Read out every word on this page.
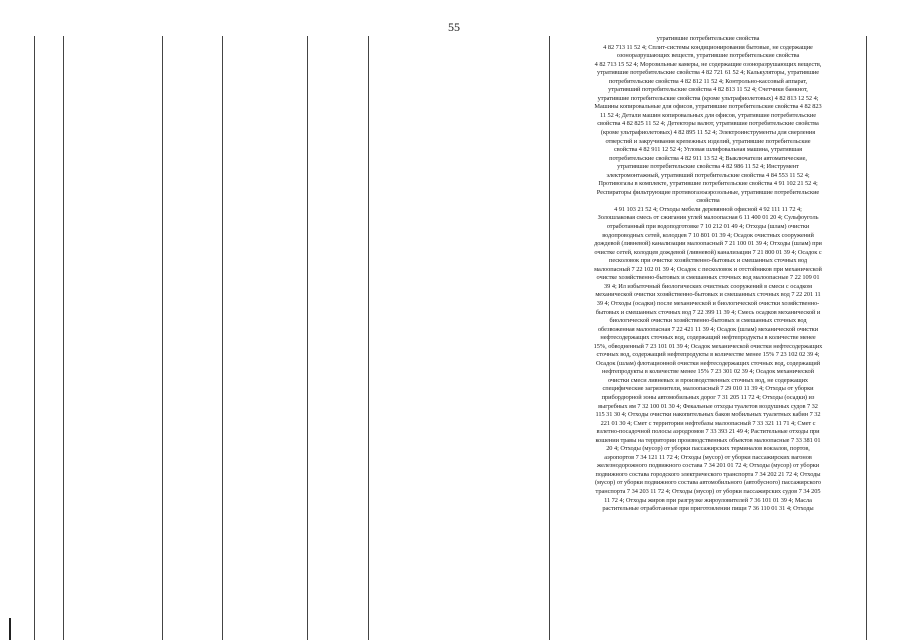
55
утратившие потребительские свойства
4 82 713 11 52 4; Сплит-системы кондиционирования бытовые, не содержащие
озоноразрушающих веществ, утратившие потребительские свойства
4 82 713 15 52 4; Морозильные камеры, не содержащие озоноразрушающих веществ,
утратившие потребительские свойства 4 82 721 61 52 4; Калькуляторы, утратившие
потребительские свойства 4 82 812 11 52 4; Контрольно-кассовый аппарат,
утративший потребительские свойства 4 82 813 11 52 4; Счетчики банкнот,
утратившие потребительские свойства (кроме ультрафиолетовых) 4 82 813 12 52 4;
Машины копировальные для офисов, утратившие потребительские свойства 4 82 823
11 52 4; Детали машин копировальных для офисов, утратившие потребительские
свойства 4 82 825 11 52 4; Детекторы валют, утратившие потребительские свойства
(кроме ультрафиолетовых) 4 82 895 11 52 4; Электроинструменты для сверления
отверстий и закручивания крепежных изделий, утратившие потребительские
свойства 4 82 911 12 52 4; Угловая шлифовальная машина, утратившая
потребительские свойства 4 82 911 13 52 4; Выключатели автоматические,
утратившие потребительские свойства 4 82 986 11 52 4; Инструмент
электромонтажный, утративший потребительские свойства 4 84 553 11 52 4;
Противогазы в комплекте, утратившие потребительские свойства 4 91 102 21 52 4;
Респираторы фильтрующие противогазоаэрозольные, утратившие потребительские
свойства
4 91 103 21 52 4; Отходы мебели деревянной офисной 4 92 111 11 72 4;
Золошлаковая смесь от сжигания углей малоопасная 6 11 400 01 20 4; Сульфоуголь
отработанный при водоподготовке 7 10 212 01 49 4; Отходы (шлам) очистки
водопроводных сетей, колодцев 7 10 801 01 39 4; Осадок очистных сооружений
дождевой (ливневой) канализации малоопасный 7 21 100 01 39 4; Отходы (шлам) при
очистке сетей, колодцев дождевой (ливневой) канализации 7 21 800 01 39 4; Осадок с
песколовок при очистке хозяйственно-бытовых и смешанных сточных вод
малоопасный 7 22 102 01 39 4; Осадок с песколовок и отстойников при механической
очистке хозяйственно-бытовых и смешанных сточных вод малоопасные 7 22 109 01
39 4; Ил избыточный биологических очистных сооружений в смеси с осадком
механической очистки хозяйственно-бытовых и смешанных сточных вод 7 22 201 11
39 4; Отходы (осадки) после механической и биологической очистки хозяйственно-
бытовых и смешанных сточных вод 7 22 399 11 39 4; Смесь осадков механической и
биологической очистки хозяйственно-бытовых и смешанных сточных вод
обезвоженная малоопасная 7 22 421 11 39 4; Осадок (шлам) механической очистки
нефтесодержащих сточных вод, содержащий нефтепродукты в количестве менее
15%, обводненный 7 23 101 01 39 4; Осадок механической очистки нефтесодержащих
сточных вод, содержащий нефтепродукты в количестве менее 15% 7 23 102 02 39 4;
Осадок (шлам) флотационной очистки нефтесодержащих сточных вод, содержащий
нефтепродукты в количестве менее 15% 7 23 301 02 39 4; Осадок механической
очистки смеси ливневых и производственных сточных вод, не содержащих
специфические загрязнители, малоопасный 7 29 010 11 39 4; Отходы от уборки
прибордюрной зоны автомобильных дорог 7 31 205 11 72 4; Отходы (осадки) из
выгребных ям 7 32 100 01 30 4; Фекальные отходы туалетов воздушных судов 7 32
115 31 30 4; Отходы очистки накопительных баков мобильных туалетных кабин 7 32
221 01 30 4; Смет с территории нефтебазы малоопасный 7 33 321 11 71 4; Смет с
взлетно-посадочной полосы аэродромов 7 33 393 21 49 4; Растительные отходы при
кошении травы на территории производственных объектов малоопасные 7 33 381 01
20 4; Отходы (мусор) от уборки пассажирских терминалов вокзалов, портов,
аэропортов 7 34 121 11 72 4; Отходы (мусор) от уборки пассажирских вагонов
железнодорожного подвижного состава 7 34 201 01 72 4; Отходы (мусор) от уборки
подвижного состава городского электрического транспорта 7 34 202 21 72 4; Отходы
(мусор) от уборки подвижного состава автомобильного (автобусного) пассажирского
транспорта 7 34 203 11 72 4; Отходы (мусор) от уборки пассажирских судов 7 34 205
11 72 4; Отходы жиров при разгрузке жироуловителей 7 36 101 01 39 4; Масла
растительные отработанные при приготовлении пищи 7 36 110 01 31 4; Отходы
